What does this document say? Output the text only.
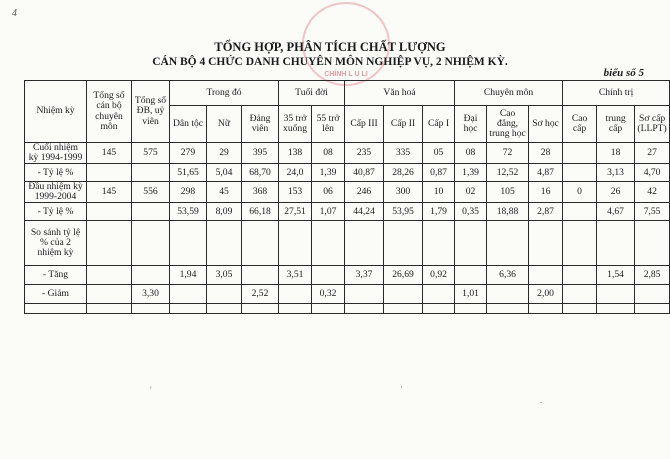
4
CHÍNH L U LI
TỔNG HỢP, PHÂN TÍCH CHẤT LƯỢNG
CÁN BỘ 4 CHỨC DANH CHUYÊN MÔN NGHIỆP VỤ, 2 NHIỆM KỲ.
biểu số 5
Nhiệm kỳ	Tổng số cán bộ chuyên môn	Tổng số ĐB, uỷ viên	Trong đó			Tuổi đời		Văn hoá			Chuyên môn			Chính trị		
			Dân tộc	Nữ	Đảng viên	35 trở xuống	55 trở lên	Cấp III	Cấp II	Cấp I	Đại học	Cao đẳng, trung học	Sơ học	Cao cấp	trung cấp	Sơ cấp (LLPT)
Cuối nhiệm kỳ 1994-1999	145	575	279	29	395	138	08	235	335	05	08	72	28		18	27
- Tỷ lệ %			51,65	5,04	68,70	24,0	1,39	40,87	28,26	0,87	1,39	12,52	4,87		3,13	4,70
Đầu nhiệm kỳ 1999-2004	145	556	298	45	368	153	06	246	300	10	02	105	16	0	26	42
- Tỷ lệ %			53,59	8,09	66,18	27,51	1,07	44,24	53,95	1,79	0,35	18,88	2,87		4,67	7,55
So sánh tỷ lệ % của 2 nhiệm kỳ																
- Tăng			1,94	3,05		3,51		3,37	26,69	0,92		6,36			1,54	2,85
- Giảm		3,30			2,52		0,32				1,01		2,00			

'	·
.
